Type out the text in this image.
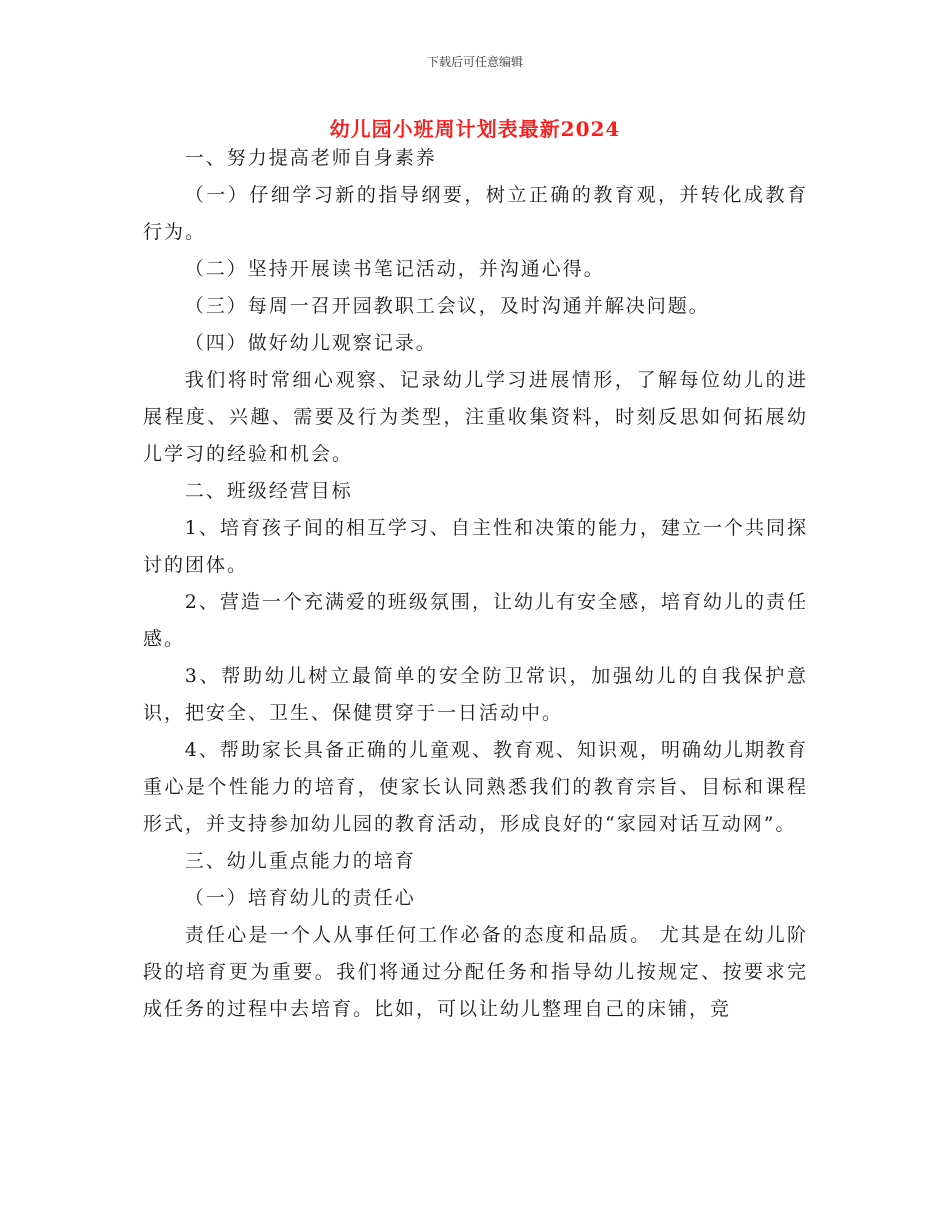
下载后可任意编辑
幼儿园小班周计划表最新2024

一、努力提高老师自身素养

（一）仔细学习新的指导纲要，树立正确的教育观，并转化成教育行为。

（二）坚持开展读书笔记活动，并沟通心得。

（三）每周一召开园教职工会议，及时沟通并解决问题。

（四）做好幼儿观察记录。

我们将时常细心观察、记录幼儿学习进展情形，了解每位幼儿的进展程度、兴趣、需要及行为类型，注重收集资料，时刻反思如何拓展幼儿学习的经验和机会。

二、班级经营目标

1、培育孩子间的相互学习、自主性和决策的能力，建立一个共同探讨的团体。

2、营造一个充满爱的班级氛围，让幼儿有安全感，培育幼儿的责任感。

3、帮助幼儿树立最简单的安全防卫常识，加强幼儿的自我保护意识，把安全、卫生、保健贯穿于一日活动中。

4、帮助家长具备正确的儿童观、教育观、知识观，明确幼儿期教育重心是个性能力的培育，使家长认同熟悉我们的教育宗旨、目标和课程形式，并支持参加幼儿园的教育活动，形成良好的“家园对话互动网”。

三、幼儿重点能力的培育

（一）培育幼儿的责任心

责任心是一个人从事任何工作必备的态度和品质。 尤其是在幼儿阶段的培育更为重要。我们将通过分配任务和指导幼儿按规定、按要求完成任务的过程中去培育。比如，可以让幼儿整理自己的床铺，竞
